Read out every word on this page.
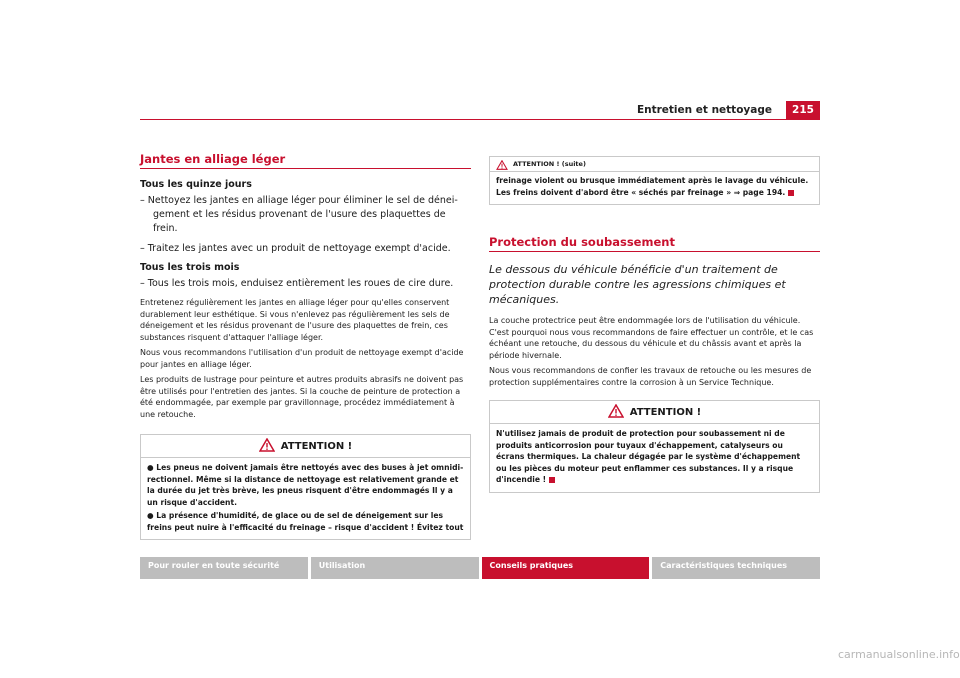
Entretien et nettoyage	215
Jantes en alliage léger

Tous les quinze jours

– Nettoyez les jantes en alliage léger pour éliminer le sel de déneigement et les résidus provenant de l'usure des plaquettes de frein.

– Traitez les jantes avec un produit de nettoyage exempt d'acide.

Tous les trois mois

– Tous les trois mois, enduisez entièrement les roues de cire dure.

Entretenez régulièrement les jantes en alliage léger pour qu'elles conservent durablement leur esthétique. Si vous n'enlevez pas régulièrement les sels de déneigement et les résidus provenant de l'usure des plaquettes de frein, ces substances risquent d'attaquer l'alliage léger.

Nous vous recommandons l'utilisation d'un produit de nettoyage exempt d'acide pour jantes en alliage léger.

Les produits de lustrage pour peinture et autres produits abrasifs ne doivent pas être utilisés pour l'entretien des jantes. Si la couche de peinture de protection a été endommagée, par exemple par gravillonnage, procédez immédiatement à une retouche.

ATTENTION !

● Les pneus ne doivent jamais être nettoyés avec des buses à jet omnidirectionnel. Même si la distance de nettoyage est relativement grande et la durée du jet très brève, les pneus risquent d'être endommagés Il y a un risque d'accident.

● La présence d'humidité, de glace ou de sel de déneigement sur les freins peut nuire à l'efficacité du freinage – risque d'accident ! Évitez tout

ATTENTION ! (suite)

freinage violent ou brusque immédiatement après le lavage du véhicule. Les freins doivent d'abord être « séchés par freinage » ⇒ page 194.

Protection du soubassement

Le dessous du véhicule bénéficie d'un traitement de protection durable contre les agressions chimiques et mécaniques.

La couche protectrice peut être endommagée lors de l'utilisation du véhicule. C'est pourquoi nous vous recommandons de faire effectuer un contrôle, et le cas échéant une retouche, du dessous du véhicule et du châssis avant et après la période hivernale.

Nous vous recommandons de confier les travaux de retouche ou les mesures de protection supplémentaires contre la corrosion à un Service Technique.

ATTENTION !

N'utilisez jamais de produit de protection pour soubassement ni de produits anticorrosion pour tuyaux d'échappement, catalyseurs ou écrans thermiques. La chaleur dégagée par le système d'échappement ou les pièces du moteur peut enflammer ces substances. Il y a risque d'incendie !

Pour rouler en toute sécurité	Utilisation	Conseils pratiques	Caractéristiques techniques
carmanualsonline.info
